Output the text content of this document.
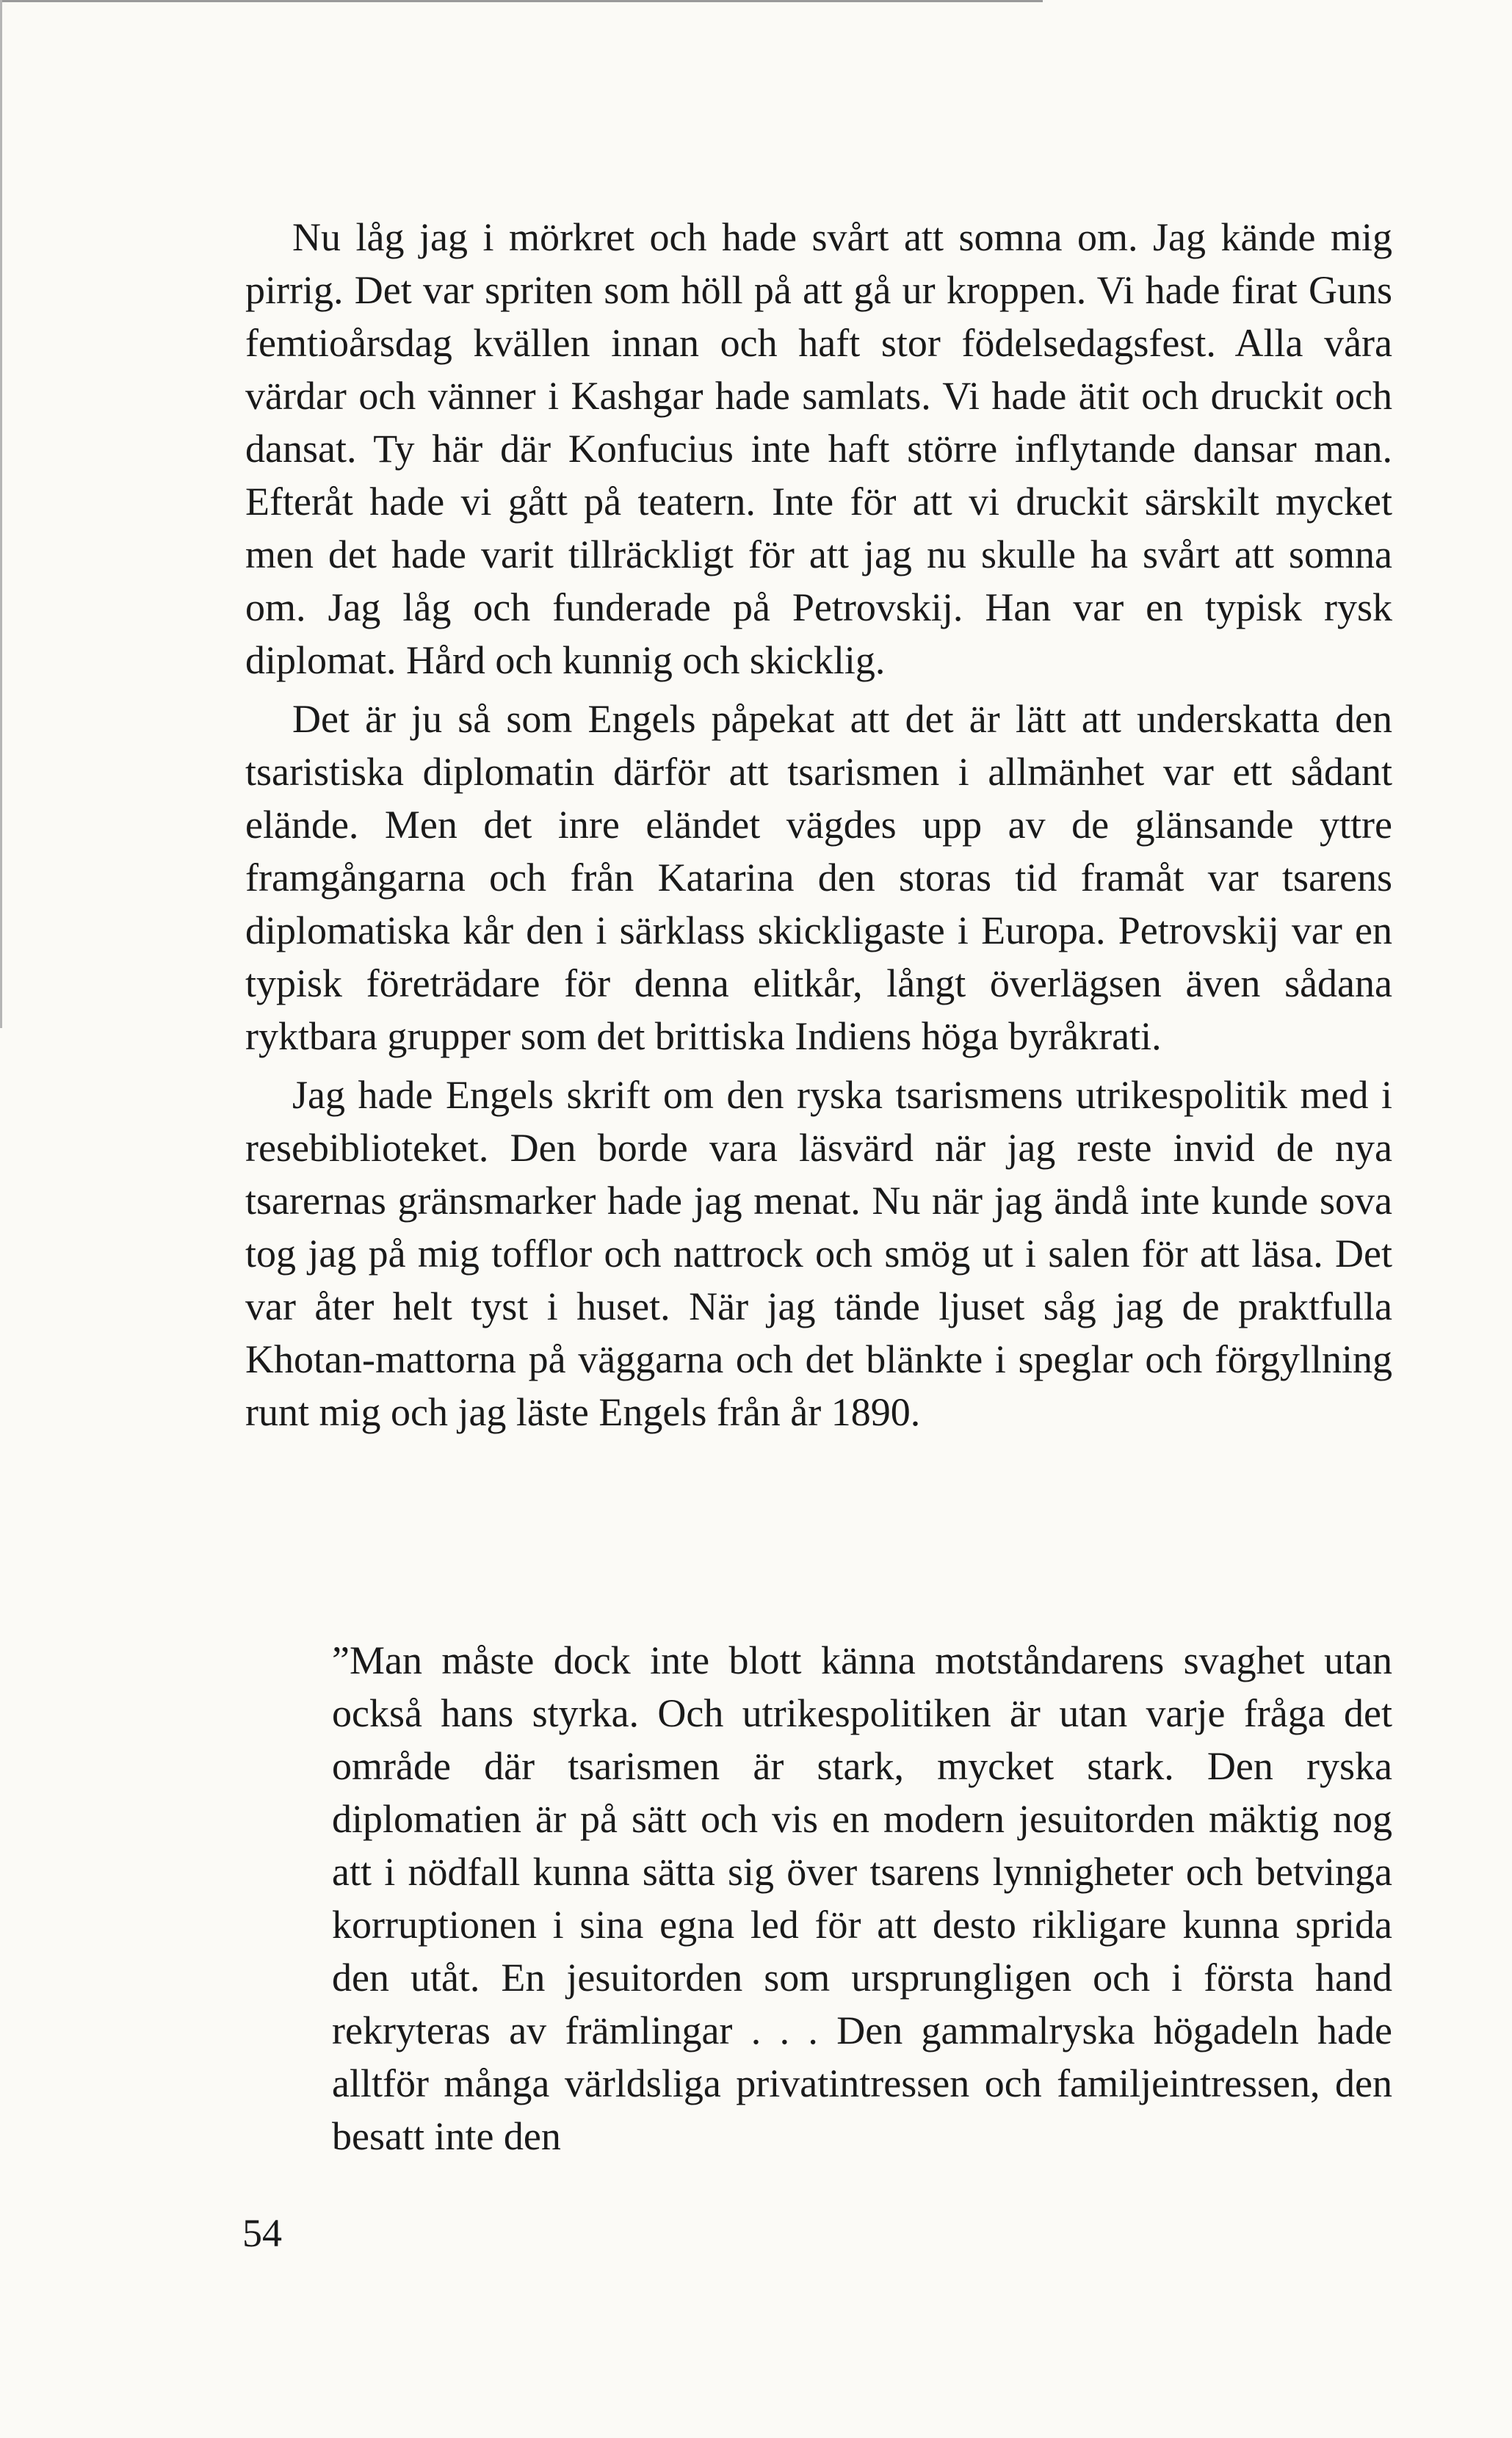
Nu låg jag i mörkret och hade svårt att somna om. Jag kände mig pirrig. Det var spriten som höll på att gå ur kroppen. Vi hade firat Guns femtioårsdag kvällen innan och haft stor födelsedagsfest. Alla våra värdar och vänner i Kashgar hade samlats. Vi hade ätit och druckit och dansat. Ty här där Konfucius inte haft större inflytande dansar man. Efteråt hade vi gått på teatern. Inte för att vi druckit särskilt mycket men det hade varit tillräckligt för att jag nu skulle ha svårt att somna om. Jag låg och funderade på Petrovskij. Han var en typisk rysk diplomat. Hård och kunnig och skicklig.

Det är ju så som Engels påpekat att det är lätt att underskatta den tsaristiska diplomatin därför att tsarismen i allmänhet var ett sådant elände. Men det inre eländet vägdes upp av de glänsande yttre framgångarna och från Katarina den storas tid framåt var tsarens diplomatiska kår den i särklass skickligaste i Europa. Petrovskij var en typisk företrädare för denna elitkår, långt överlägsen även sådana ryktbara grupper som det brittiska Indiens höga byråkrati.

Jag hade Engels skrift om den ryska tsarismens utrikespolitik med i resebiblioteket. Den borde vara läsvärd när jag reste invid de nya tsarernas gränsmarker hade jag menat. Nu när jag ändå inte kunde sova tog jag på mig tofflor och nattrock och smög ut i salen för att läsa. Det var åter helt tyst i huset. När jag tände ljuset såg jag de praktfulla Khotan-mattorna på väggarna och det blänkte i speglar och förgyllning runt mig och jag läste Engels från år 1890.

”Man måste dock inte blott känna motståndarens svaghet utan också hans styrka. Och utrikespolitiken är utan varje fråga det område där tsarismen är stark, mycket stark. Den ryska diplomatien är på sätt och vis en modern jesuitorden mäktig nog att i nödfall kunna sätta sig över tsarens lynnigheter och betvinga korruptionen i sina egna led för att desto rikligare kunna sprida den utåt. En jesuitorden som ursprungligen och i första hand rekryteras av främlingar . . . Den gammalryska högadeln hade alltför många världsliga privatintressen och familjeintressen, den besatt inte den

54
